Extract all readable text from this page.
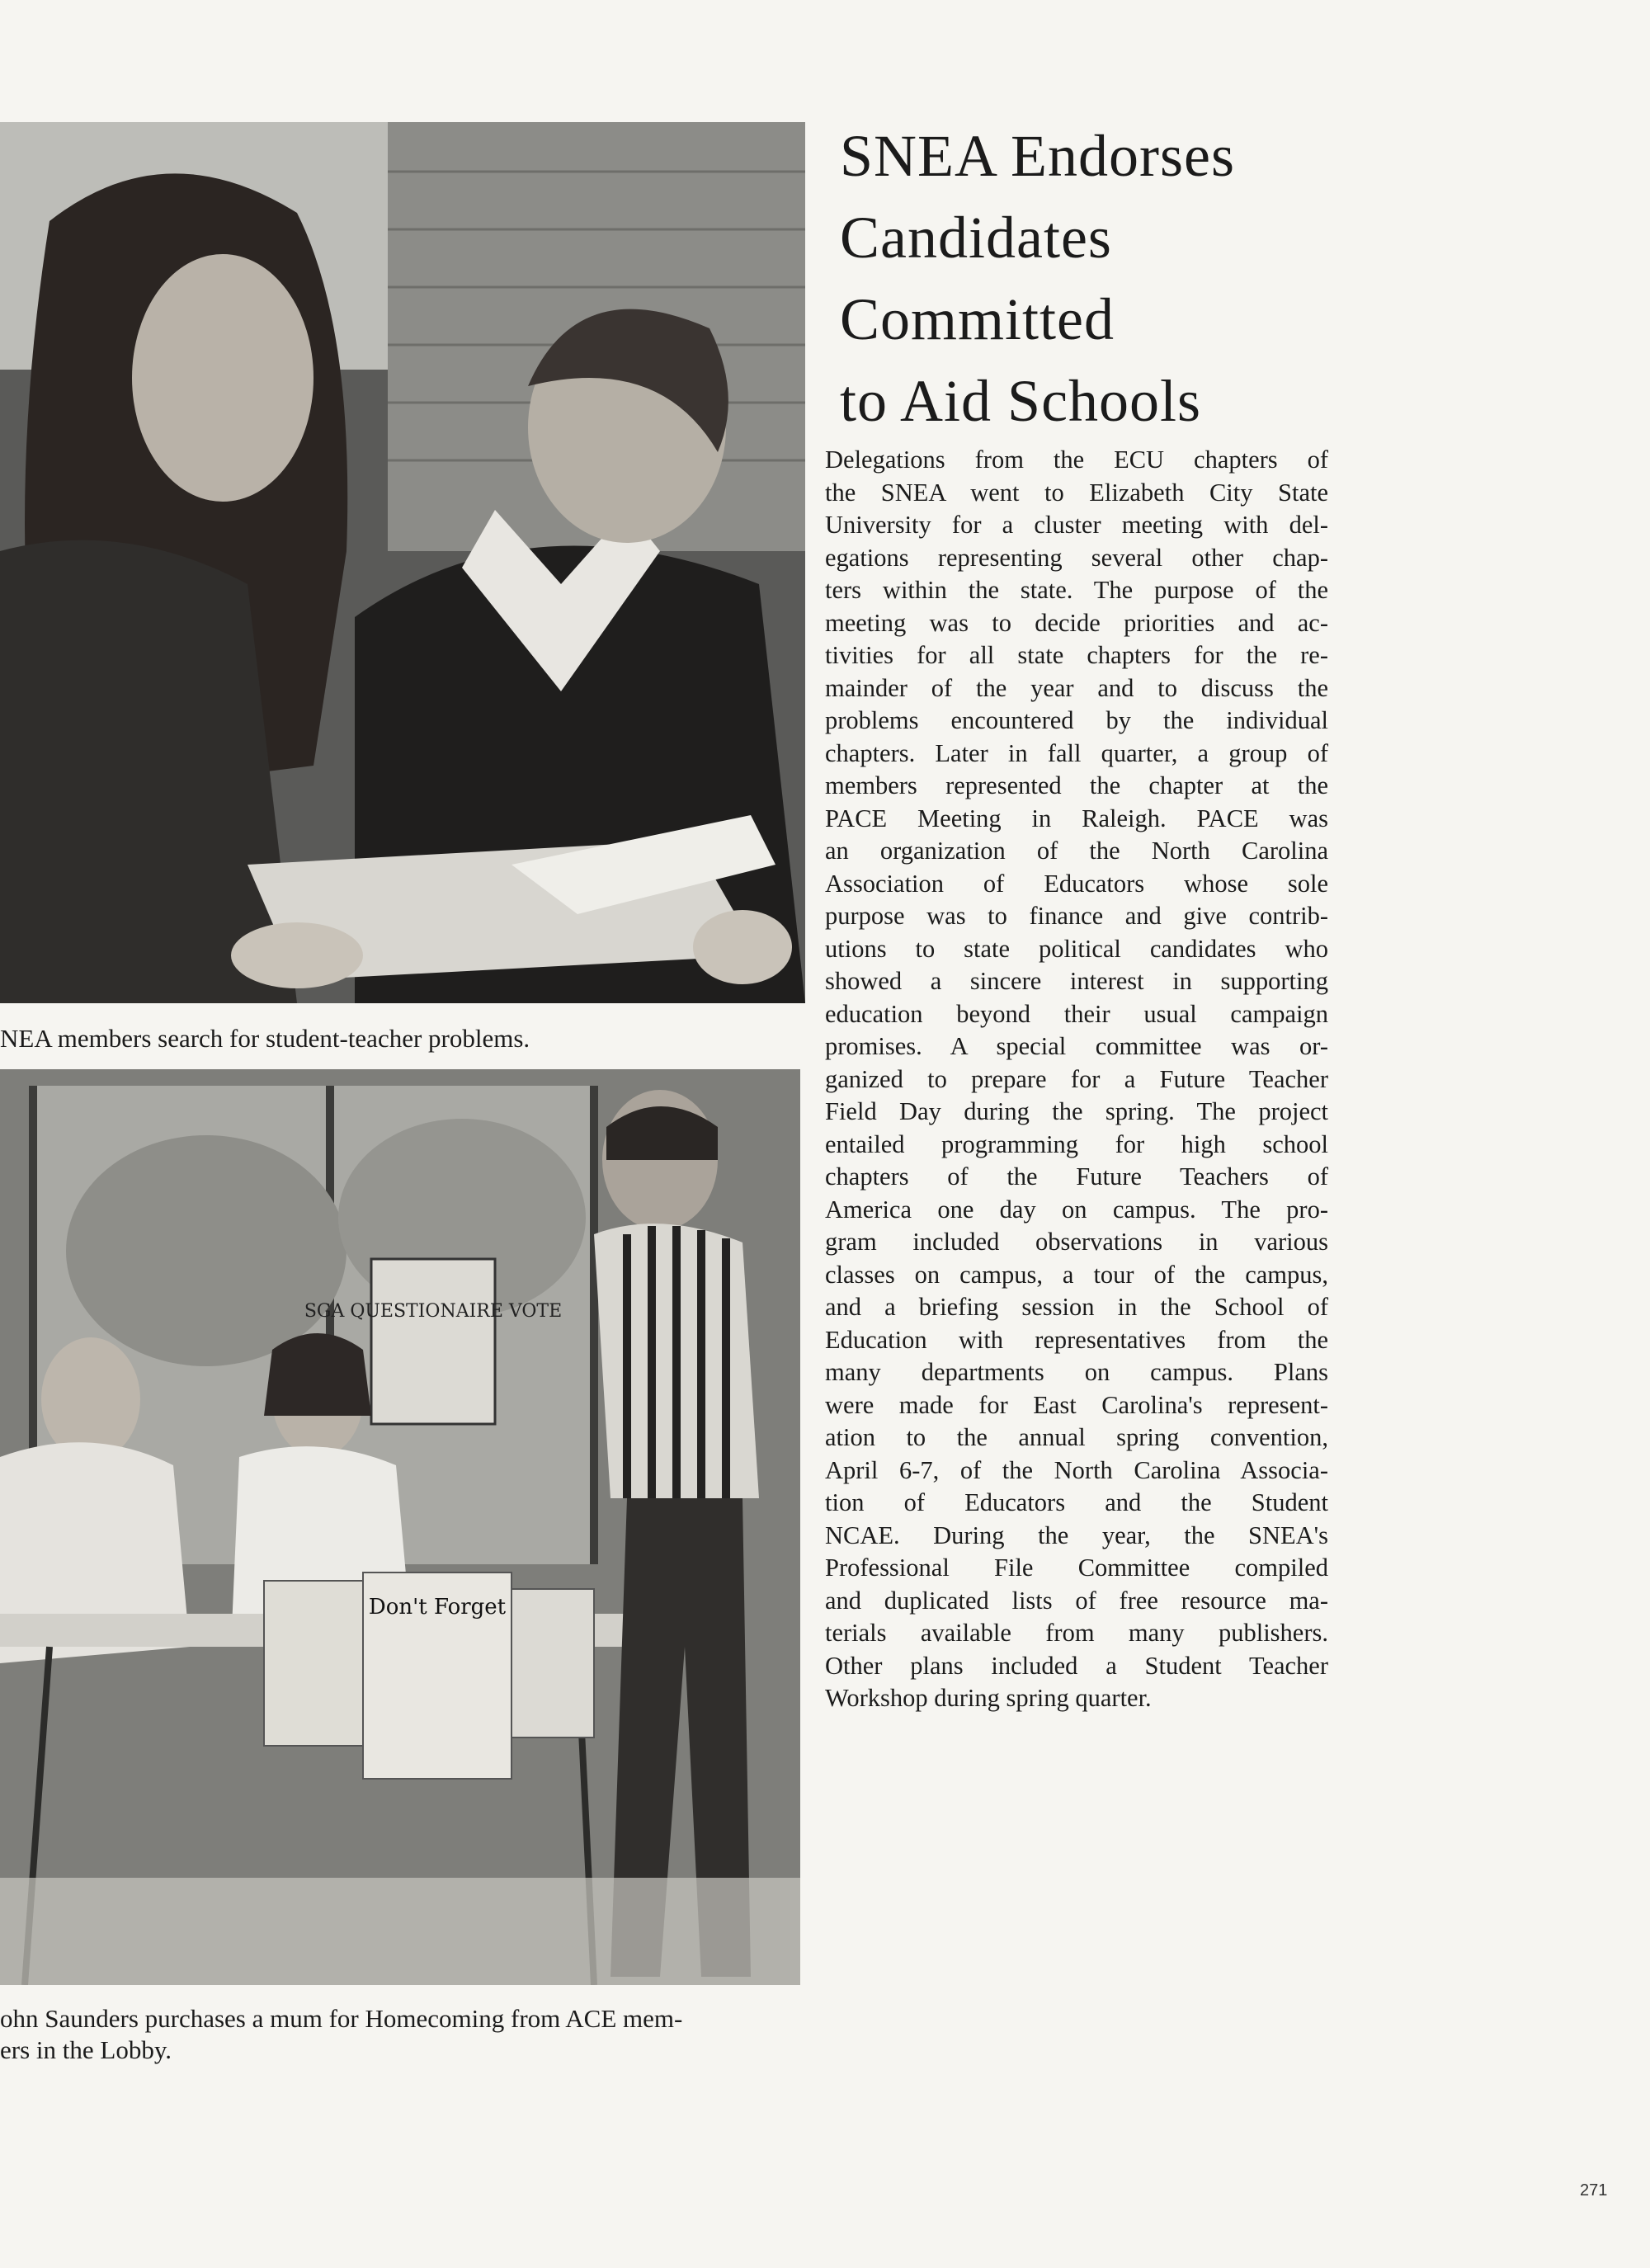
NEA members search for student-teacher problems.
SGA QUESTIONAIRE VOTE
Don't Forget
ohn Saunders purchases a mum for Homecoming from ACE mem-
ers in the Lobby.
SNEA Endorses
Candidates
Committed
to Aid Schools
Delegations from the ECU chapters of
the SNEA went to Elizabeth City State
University for a cluster meeting with del-
egations representing several other chap-
ters within the state. The purpose of the
meeting was to decide priorities and ac-
tivities for all state chapters for the re-
mainder of the year and to discuss the
problems encountered by the individual
chapters. Later in fall quarter, a group of
members represented the chapter at the
PACE Meeting in Raleigh. PACE was
an organization of the North Carolina
Association of Educators whose sole
purpose was to finance and give contrib-
utions to state political candidates who
showed a sincere interest in supporting
education beyond their usual campaign
promises. A special committee was or-
ganized to prepare for a Future Teacher
Field Day during the spring. The project
entailed programming for high school
chapters of the Future Teachers of
America one day on campus. The pro-
gram included observations in various
classes on campus, a tour of the campus,
and a briefing session in the School of
Education with representatives from the
many departments on campus. Plans
were made for East Carolina's represent-
ation to the annual spring convention,
April 6-7, of the North Carolina Associa-
tion of Educators and the Student
NCAE. During the year, the SNEA's
Professional File Committee compiled
and duplicated lists of free resource ma-
terials available from many publishers.
Other plans included a Student Teacher
Workshop during spring quarter.
271
